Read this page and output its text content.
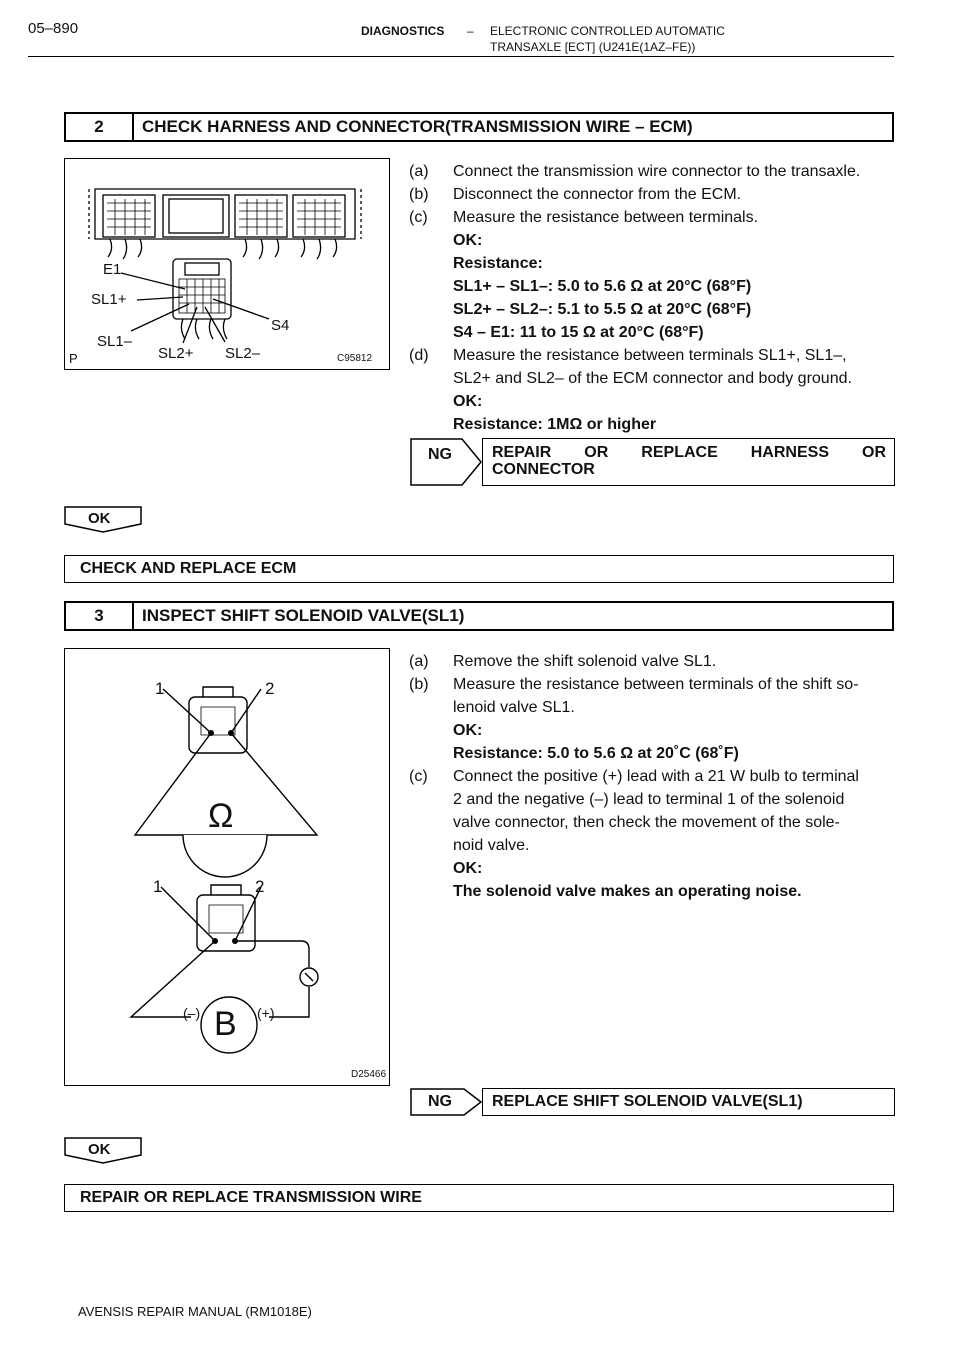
05–890	DIAGNOSTICS – ELECTRONIC CONTROLLED AUTOMATIC
TRANSAXLE [ECT] (U241E(1AZ–FE))
2	CHECK HARNESS AND CONNECTOR(TRANSMISSION WIRE – ECM)
E1
SL1+
SL1–
SL2+ SL2–
S4
P	C95812
(a) Connect the transmission wire connector to the transaxle.
(b) Disconnect the connector from the ECM.
(c) Measure the resistance between terminals.
OK:
Resistance:
SL1+ – SL1–: 5.0 to 5.6 Ω at 20°C (68°F)
SL2+ – SL2–: 5.1 to 5.5 Ω at 20°C (68°F)
S4 – E1: 11 to 15 Ω at 20°C (68°F)
(d) Measure the resistance between terminals SL1+, SL1–,
SL2+ and SL2– of the ECM connector and body ground.
OK:
Resistance: 1MΩ or higher
NG	REPAIR OR REPLACE HARNESS OR
CONNECTOR
OK
CHECK AND REPLACE ECM
3	INSPECT SHIFT SOLENOID VALVE(SL1)
1	2
Ω
1	2
(–)	(+)
B
D25466
(a) Remove the shift solenoid valve SL1.
(b) Measure the resistance between terminals of the shift so-
lenoid valve SL1.
OK:
Resistance: 5.0 to 5.6 Ω at 20˚C (68˚F)
(c) Connect the positive (+) lead with a 21 W bulb to terminal
2 and the negative (–) lead to terminal 1 of the solenoid
valve connector, then check the movement of the sole-
noid valve.
OK:
The solenoid valve makes an operating noise.
NG	REPLACE SHIFT SOLENOID VALVE(SL1)
OK
REPAIR OR REPLACE TRANSMISSION WIRE
AVENSIS REPAIR MANUAL (RM1018E)
